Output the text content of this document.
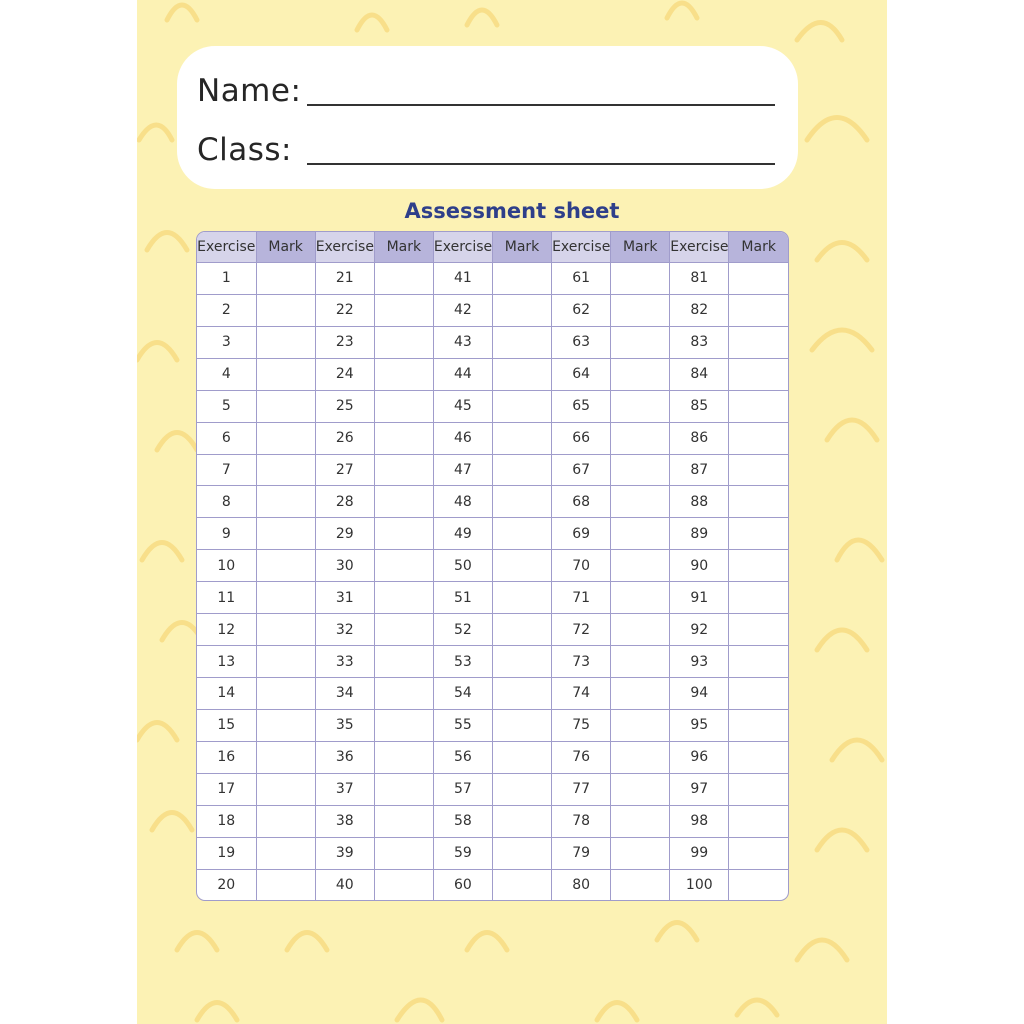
Name:
Class:
Assessment sheet
Exercise	Mark	Exercise	Mark	Exercise	Mark	Exercise	Mark	Exercise	Mark
1		21		41		61		81	
2		22		42		62		82	
3		23		43		63		83	
4		24		44		64		84	
5		25		45		65		85	
6		26		46		66		86	
7		27		47		67		87	
8		28		48		68		88	
9		29		49		69		89	
10		30		50		70		90	
11		31		51		71		91	
12		32		52		72		92	
13		33		53		73		93	
14		34		54		74		94	
15		35		55		75		95	
16		36		56		76		96	
17		37		57		77		97	
18		38		58		78		98	
19		39		59		79		99	
20		40		60		80		100	
